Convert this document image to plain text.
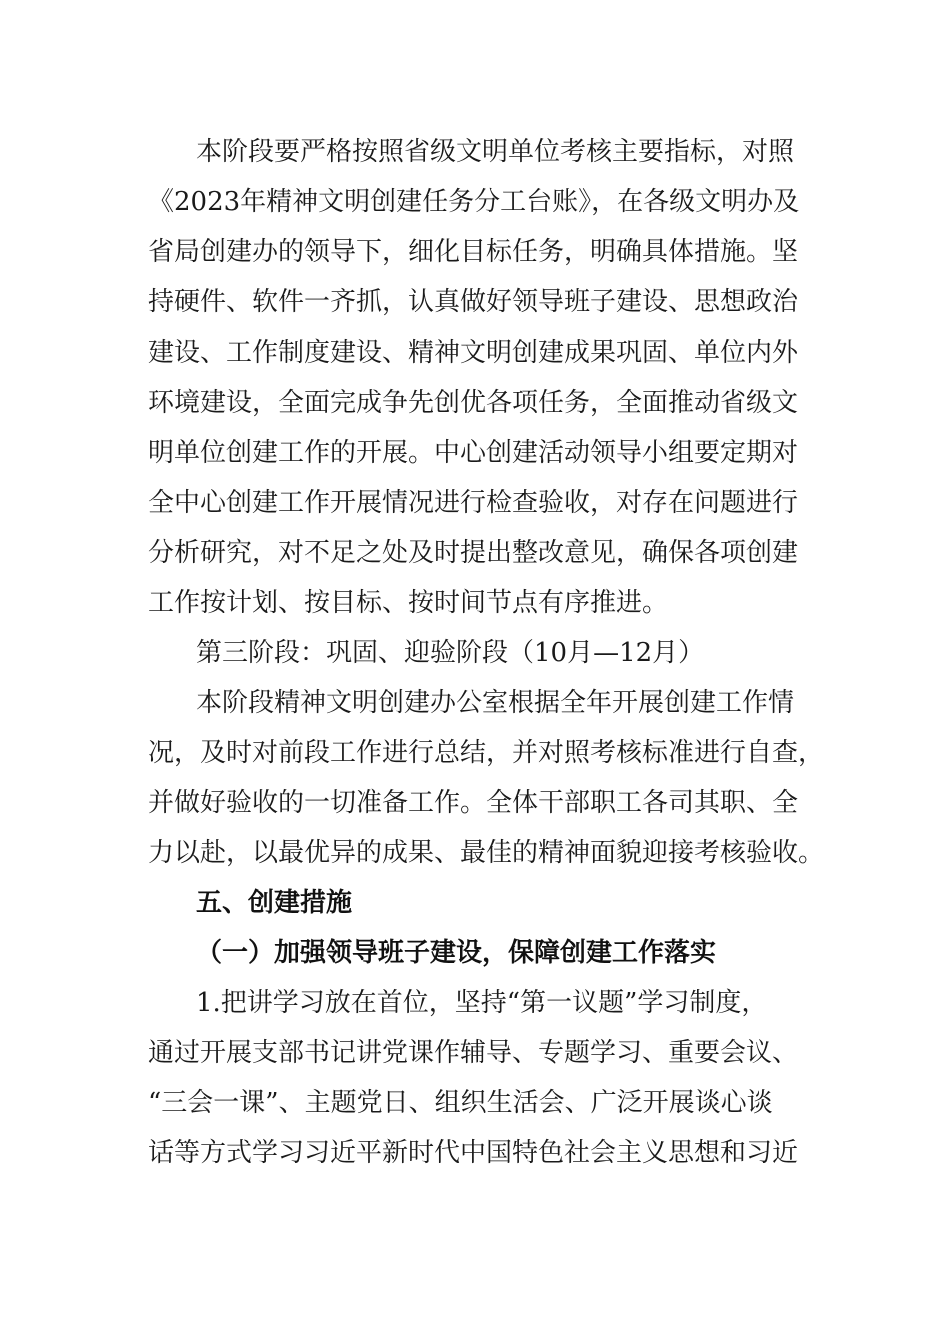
本阶段要严格按照省级文明单位考核主要指标，对照
《2023年精神文明创建任务分工台账》，在各级文明办及
省局创建办的领导下，细化目标任务，明确具体措施。坚
持硬件、软件一齐抓，认真做好领导班子建设、思想政治
建设、工作制度建设、精神文明创建成果巩固、单位内外
环境建设，全面完成争先创优各项任务，全面推动省级文
明单位创建工作的开展。中心创建活动领导小组要定期对
全中心创建工作开展情况进行检查验收，对存在问题进行
分析研究，对不足之处及时提出整改意见，确保各项创建
工作按计划、按目标、按时间节点有序推进。
第三阶段：巩固、迎验阶段（10月—12月）
本阶段精神文明创建办公室根据全年开展创建工作情
况，及时对前段工作进行总结，并对照考核标准进行自查，
并做好验收的一切准备工作。全体干部职工各司其职、全
力以赴，以最优异的成果、最佳的精神面貌迎接考核验收。
五、创建措施
（一）加强领导班子建设，保障创建工作落实
1.把讲学习放在首位，坚持“第一议题”学习制度，
通过开展支部书记讲党课作辅导、专题学习、重要会议、
“三会一课”、主题党日、组织生活会、广泛开展谈心谈
话等方式学习习近平新时代中国特色社会主义思想和习近
